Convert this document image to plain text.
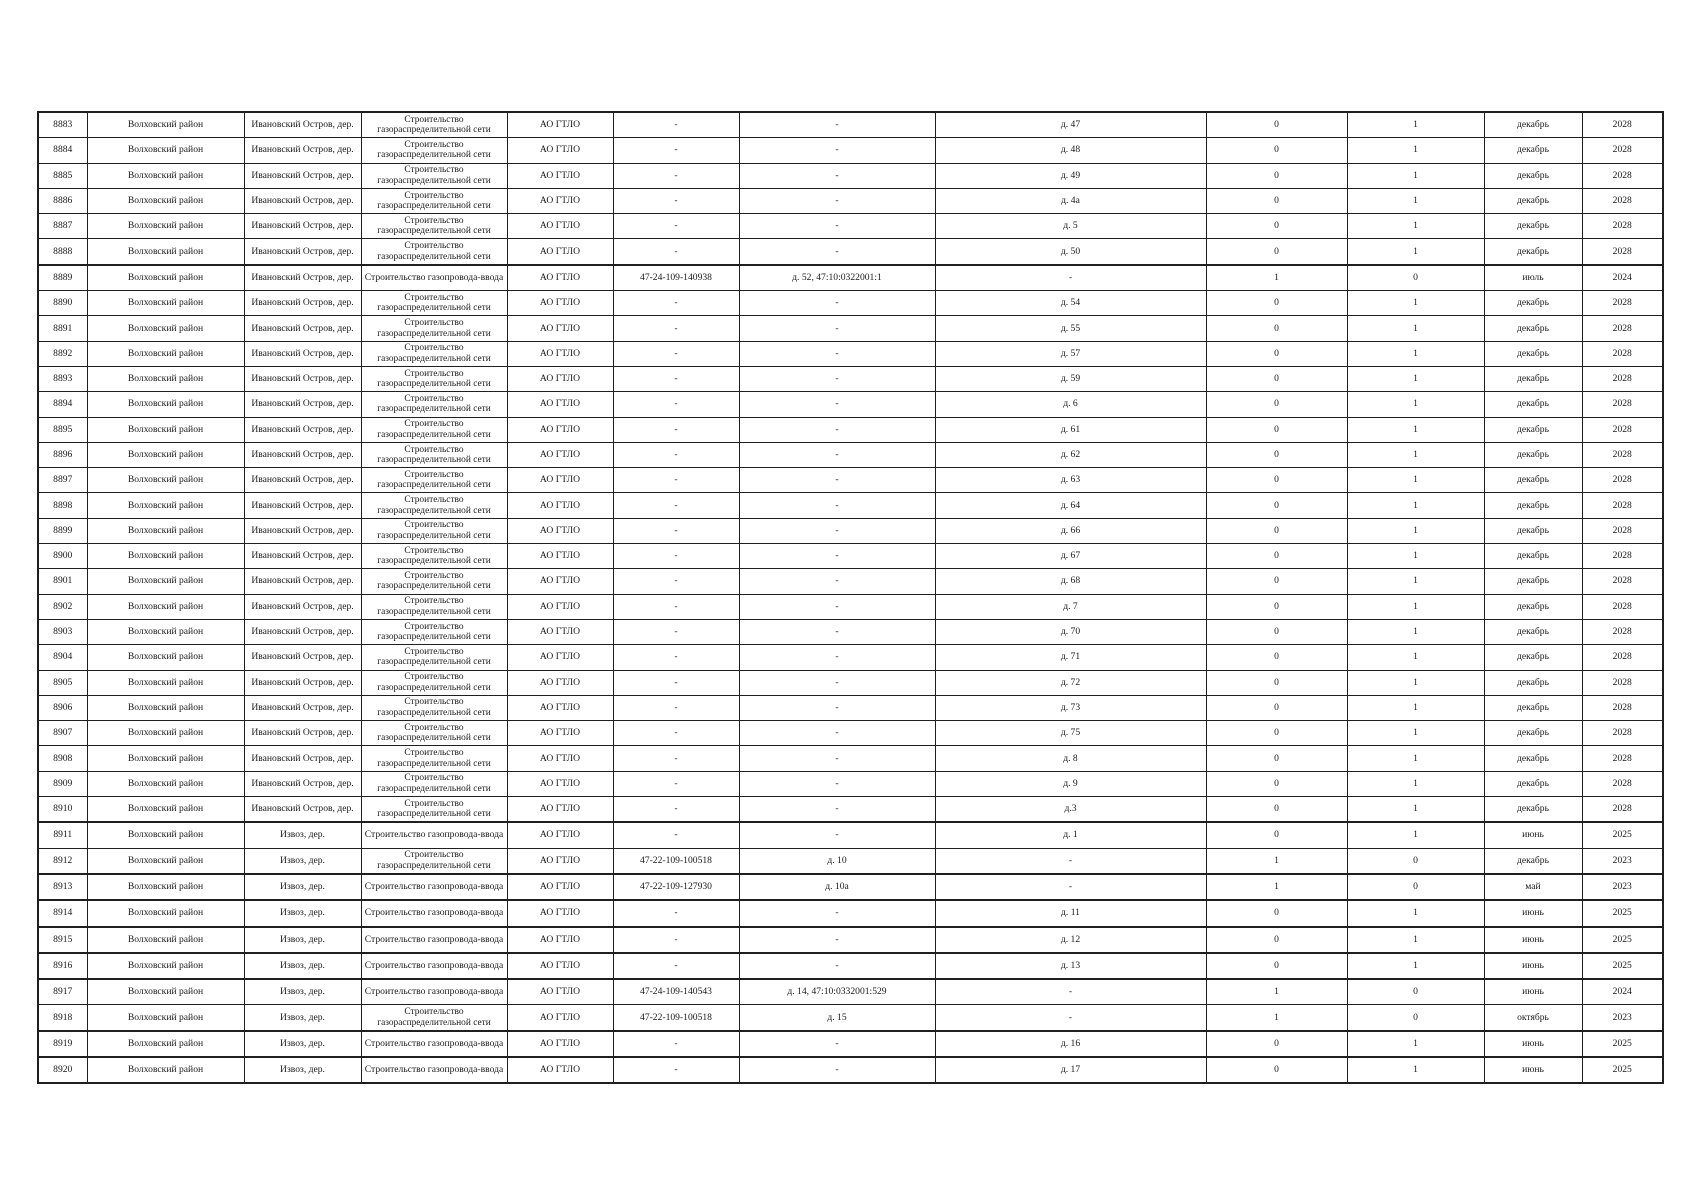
8883	Волховский район	Ивановский Остров, дер.	Строительство газораспределительной сети	АО ГТЛО	-	-	д. 47	0	1	декабрь	2028
8884	Волховский район	Ивановский Остров, дер.	Строительство газораспределительной сети	АО ГТЛО	-	-	д. 48	0	1	декабрь	2028
8885	Волховский район	Ивановский Остров, дер.	Строительство газораспределительной сети	АО ГТЛО	-	-	д. 49	0	1	декабрь	2028
8886	Волховский район	Ивановский Остров, дер.	Строительство газораспределительной сети	АО ГТЛО	-	-	д. 4а	0	1	декабрь	2028
8887	Волховский район	Ивановский Остров, дер.	Строительство газораспределительной сети	АО ГТЛО	-	-	д. 5	0	1	декабрь	2028
8888	Волховский район	Ивановский Остров, дер.	Строительство газораспределительной сети	АО ГТЛО	-	-	д. 50	0	1	декабрь	2028
8889	Волховский район	Ивановский Остров, дер.	Строительство газопровода-ввода	АО ГТЛО	47-24-109-140938	д. 52, 47:10:0322001:1	-	1	0	июль	2024
8890	Волховский район	Ивановский Остров, дер.	Строительство газораспределительной сети	АО ГТЛО	-	-	д. 54	0	1	декабрь	2028
8891	Волховский район	Ивановский Остров, дер.	Строительство газораспределительной сети	АО ГТЛО	-	-	д. 55	0	1	декабрь	2028
8892	Волховский район	Ивановский Остров, дер.	Строительство газораспределительной сети	АО ГТЛО	-	-	д. 57	0	1	декабрь	2028
8893	Волховский район	Ивановский Остров, дер.	Строительство газораспределительной сети	АО ГТЛО	-	-	д. 59	0	1	декабрь	2028
8894	Волховский район	Ивановский Остров, дер.	Строительство газораспределительной сети	АО ГТЛО	-	-	д. 6	0	1	декабрь	2028
8895	Волховский район	Ивановский Остров, дер.	Строительство газораспределительной сети	АО ГТЛО	-	-	д. 61	0	1	декабрь	2028
8896	Волховский район	Ивановский Остров, дер.	Строительство газораспределительной сети	АО ГТЛО	-	-	д. 62	0	1	декабрь	2028
8897	Волховский район	Ивановский Остров, дер.	Строительство газораспределительной сети	АО ГТЛО	-	-	д. 63	0	1	декабрь	2028
8898	Волховский район	Ивановский Остров, дер.	Строительство газораспределительной сети	АО ГТЛО	-	-	д. 64	0	1	декабрь	2028
8899	Волховский район	Ивановский Остров, дер.	Строительство газораспределительной сети	АО ГТЛО	-	-	д. 66	0	1	декабрь	2028
8900	Волховский район	Ивановский Остров, дер.	Строительство газораспределительной сети	АО ГТЛО	-	-	д. 67	0	1	декабрь	2028
8901	Волховский район	Ивановский Остров, дер.	Строительство газораспределительной сети	АО ГТЛО	-	-	д. 68	0	1	декабрь	2028
8902	Волховский район	Ивановский Остров, дер.	Строительство газораспределительной сети	АО ГТЛО	-	-	д. 7	0	1	декабрь	2028
8903	Волховский район	Ивановский Остров, дер.	Строительство газораспределительной сети	АО ГТЛО	-	-	д. 70	0	1	декабрь	2028
8904	Волховский район	Ивановский Остров, дер.	Строительство газораспределительной сети	АО ГТЛО	-	-	д. 71	0	1	декабрь	2028
8905	Волховский район	Ивановский Остров, дер.	Строительство газораспределительной сети	АО ГТЛО	-	-	д. 72	0	1	декабрь	2028
8906	Волховский район	Ивановский Остров, дер.	Строительство газораспределительной сети	АО ГТЛО	-	-	д. 73	0	1	декабрь	2028
8907	Волховский район	Ивановский Остров, дер.	Строительство газораспределительной сети	АО ГТЛО	-	-	д. 75	0	1	декабрь	2028
8908	Волховский район	Ивановский Остров, дер.	Строительство газораспределительной сети	АО ГТЛО	-	-	д. 8	0	1	декабрь	2028
8909	Волховский район	Ивановский Остров, дер.	Строительство газораспределительной сети	АО ГТЛО	-	-	д. 9	0	1	декабрь	2028
8910	Волховский район	Ивановский Остров, дер.	Строительство газораспределительной сети	АО ГТЛО	-	-	д.3	0	1	декабрь	2028
8911	Волховский район	Извоз, дер.	Строительство газопровода-ввода	АО ГТЛО	-	-	д. 1	0	1	июнь	2025
8912	Волховский район	Извоз, дер.	Строительство газораспределительной сети	АО ГТЛО	47-22-109-100518	д. 10	-	1	0	декабрь	2023
8913	Волховский район	Извоз, дер.	Строительство газопровода-ввода	АО ГТЛО	47-22-109-127930	д. 10а	-	1	0	май	2023
8914	Волховский район	Извоз, дер.	Строительство газопровода-ввода	АО ГТЛО	-	-	д. 11	0	1	июнь	2025
8915	Волховский район	Извоз, дер.	Строительство газопровода-ввода	АО ГТЛО	-	-	д. 12	0	1	июнь	2025
8916	Волховский район	Извоз, дер.	Строительство газопровода-ввода	АО ГТЛО	-	-	д. 13	0	1	июнь	2025
8917	Волховский район	Извоз, дер.	Строительство газопровода-ввода	АО ГТЛО	47-24-109-140543	д. 14, 47:10:0332001:529	-	1	0	июнь	2024
8918	Волховский район	Извоз, дер.	Строительство газораспределительной сети	АО ГТЛО	47-22-109-100518	д. 15	-	1	0	октябрь	2023
8919	Волховский район	Извоз, дер.	Строительство газопровода-ввода	АО ГТЛО	-	-	д. 16	0	1	июнь	2025
8920	Волховский район	Извоз, дер.	Строительство газопровода-ввода	АО ГТЛО	-	-	д. 17	0	1	июнь	2025
